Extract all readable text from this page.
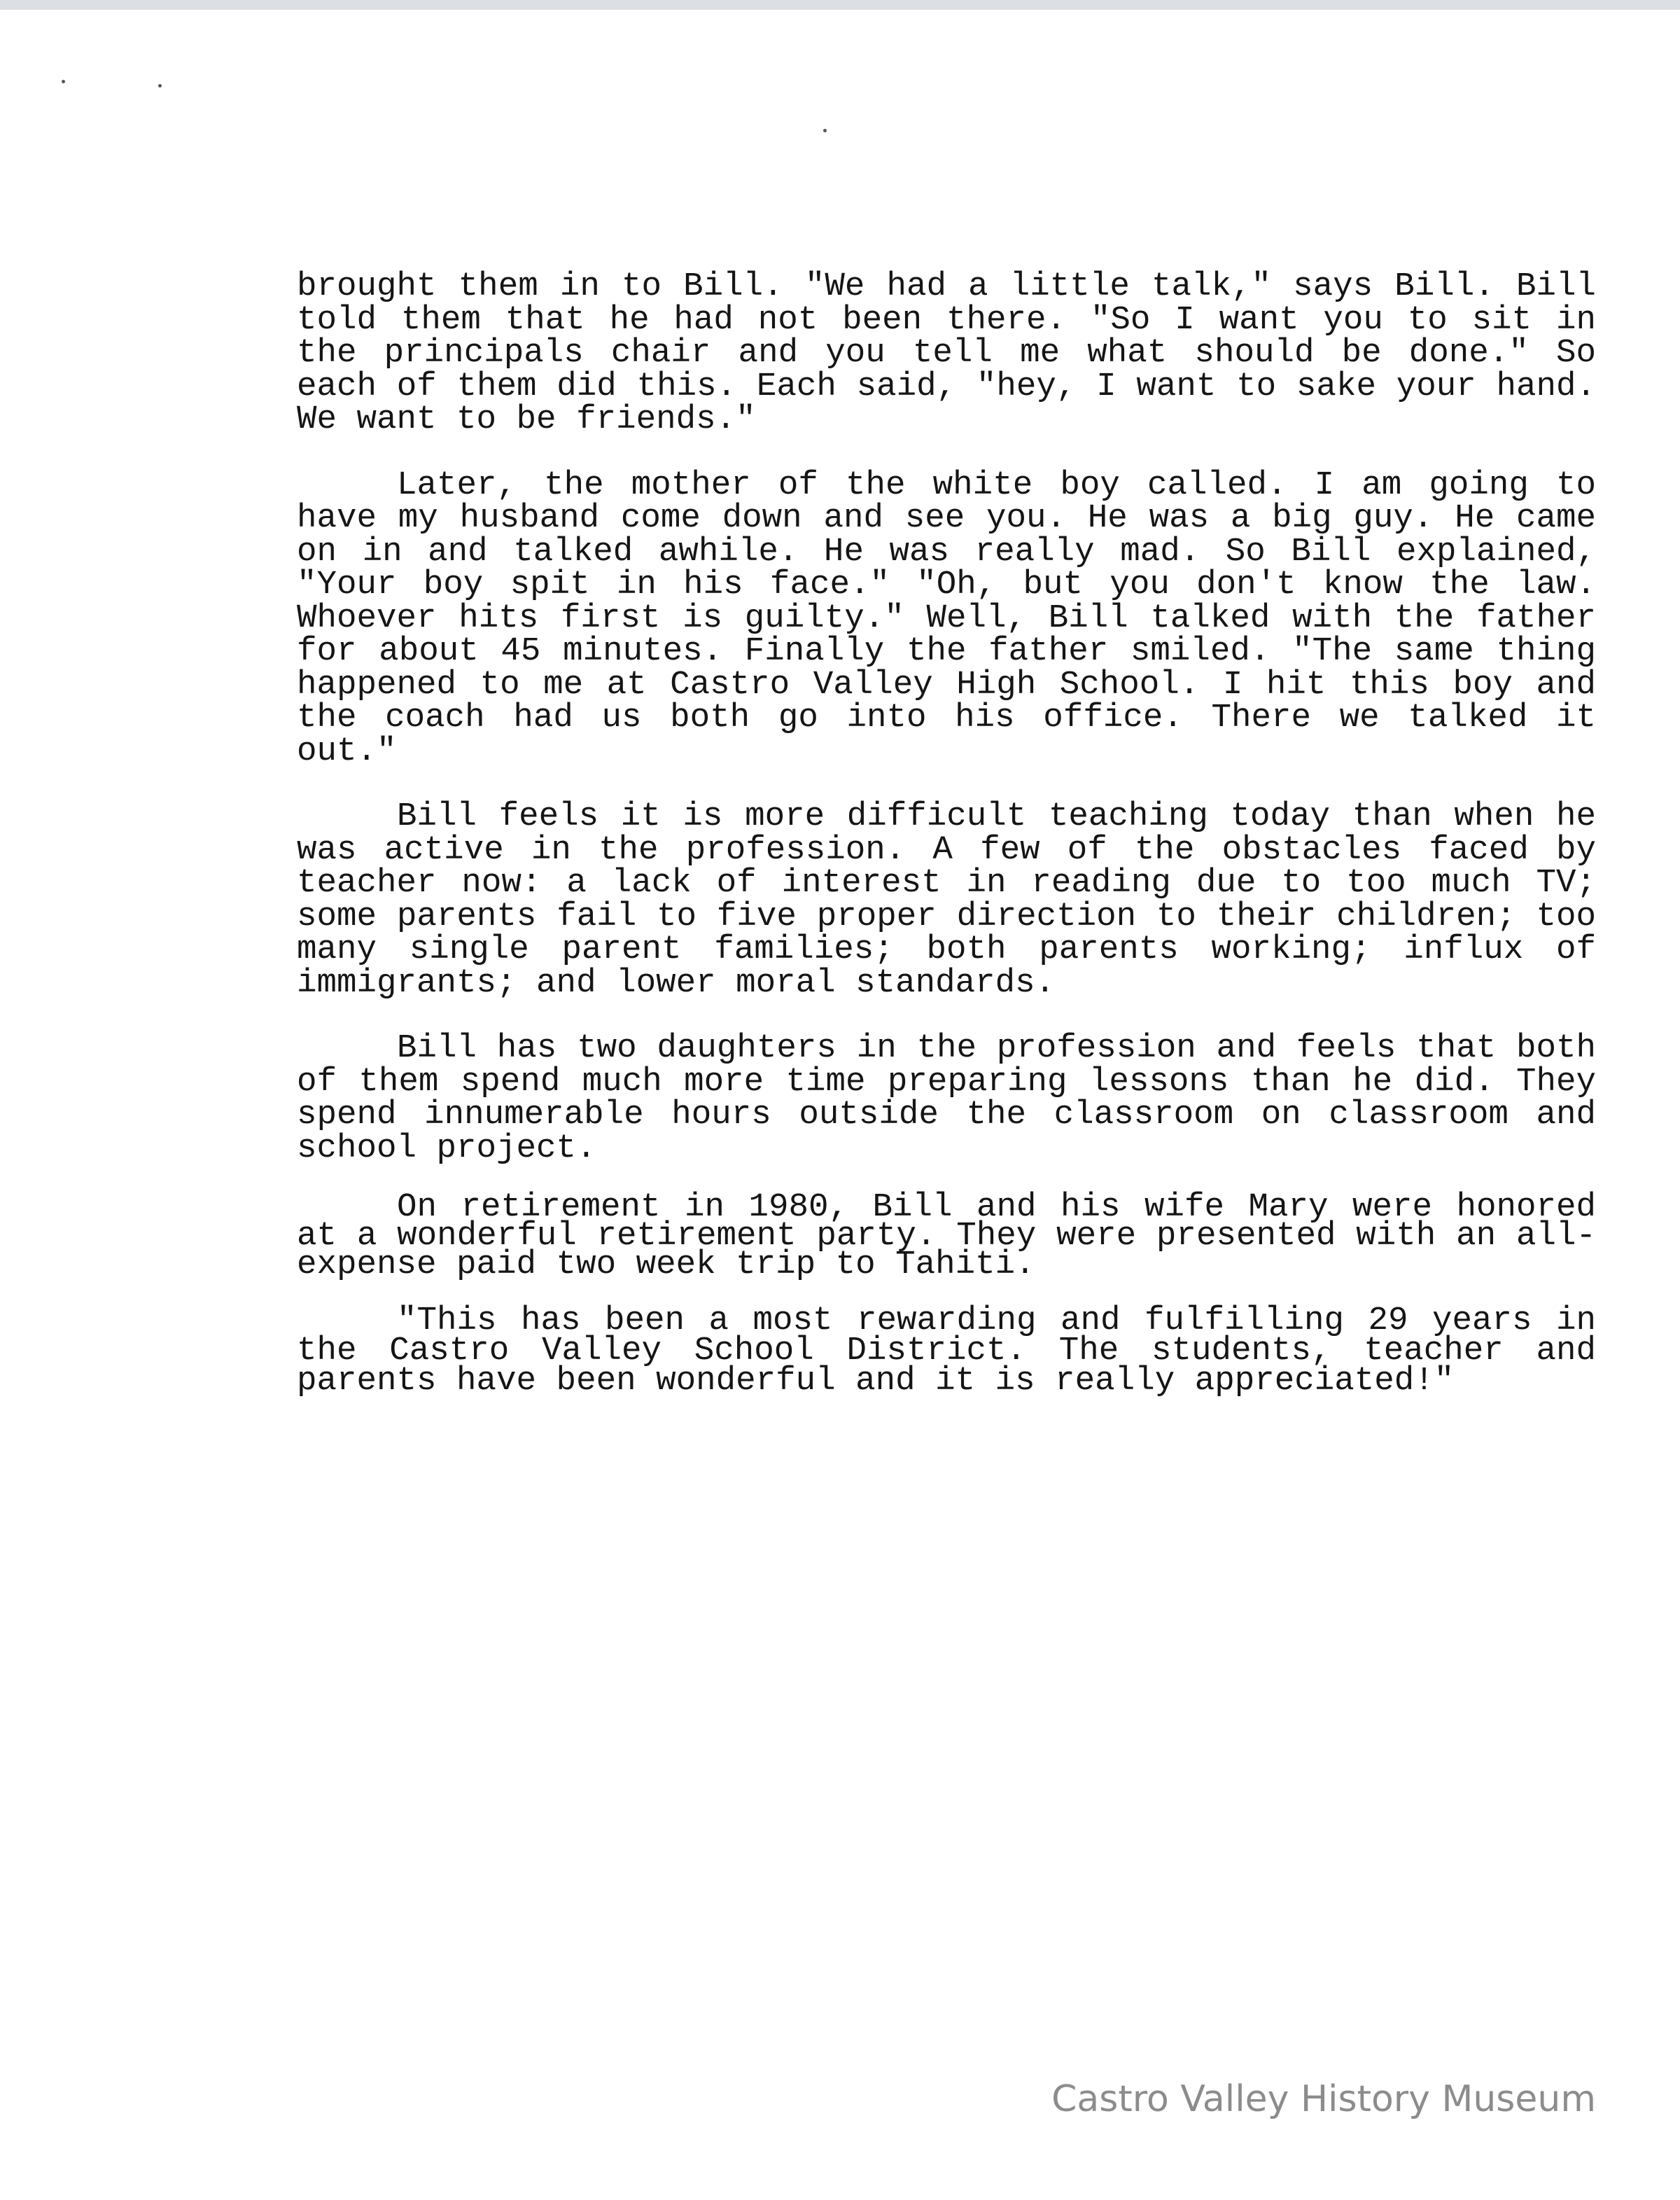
brought them in to Bill. "We had a little talk," says Bill. Bill told them that he had not been there. "So I want you to sit in the principals chair and you tell me what should be done." So each of them did this. Each said, "hey, I want to sake your hand. We want to be friends."

Later, the mother of the white boy called. I am going to have my husband come down and see you. He was a big guy. He came on in and talked awhile. He was really mad. So Bill explained, "Your boy spit in his face." "Oh, but you don't know the law. Whoever hits first is guilty." Well, Bill talked with the father for about 45 minutes. Finally the father smiled. "The same thing happened to me at Castro Valley High School. I hit this boy and the coach had us both go into his office. There we talked it out."

Bill feels it is more difficult teaching today than when he was active in the profession. A few of the obstacles faced by teacher now: a lack of interest in reading due to too much TV; some parents fail to five proper direction to their children; too many single parent families; both parents working; influx of immigrants; and lower moral standards.

Bill has two daughters in the profession and feels that both of them spend much more time preparing lessons than he did. They spend innumerable hours outside the classroom on classroom and school project.

On retirement in 1980, Bill and his wife Mary were honored at a wonderful retirement party. They were presented with an all-expense paid two week trip to Tahiti.

"This has been a most rewarding and fulfilling 29 years in the Castro Valley School District. The students, teacher and parents have been wonderful and it is really appreciated!"

Castro Valley History Museum
